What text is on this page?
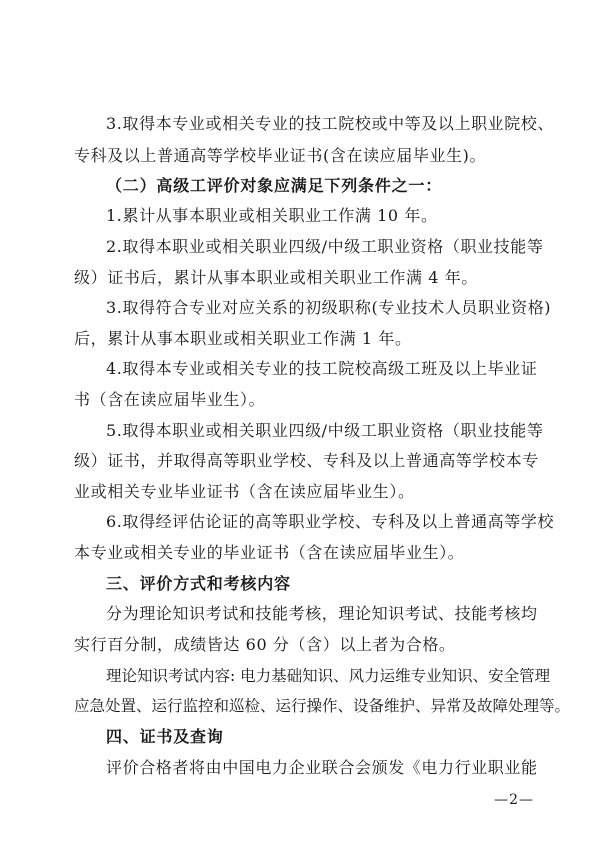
3.取得本专业或相关专业的技工院校或中等及以上职业院校、
专科及以上普通高等学校毕业证书(含在读应届毕业生)。
（二）高级工评价对象应满足下列条件之一：
1.累计从事本职业或相关职业工作满 10 年。
2.取得本职业或相关职业四级/中级工职业资格（职业技能等
级）证书后，累计从事本职业或相关职业工作满 4 年。
3.取得符合专业对应关系的初级职称(专业技术人员职业资格)
后，累计从事本职业或相关职业工作满 1 年。
4.取得本专业或相关专业的技工院校高级工班及以上毕业证
书（含在读应届毕业生）。
5.取得本职业或相关职业四级/中级工职业资格（职业技能等
级）证书，并取得高等职业学校、专科及以上普通高等学校本专
业或相关专业毕业证书（含在读应届毕业生）。
6.取得经评估论证的高等职业学校、专科及以上普通高等学校
本专业或相关专业的毕业证书（含在读应届毕业生）。
三、评价方式和考核内容
分为理论知识考试和技能考核，理论知识考试、技能考核均
实行百分制，成绩皆达 60 分（含）以上者为合格。
理论知识考试内容: 电力基础知识、风力运维专业知识、安全管理
应急处置、运行监控和巡检、运行操作、设备维护、异常及故障处理等。
四、证书及查询
评价合格者将由中国电力企业联合会颁发《电力行业职业能
—2—
